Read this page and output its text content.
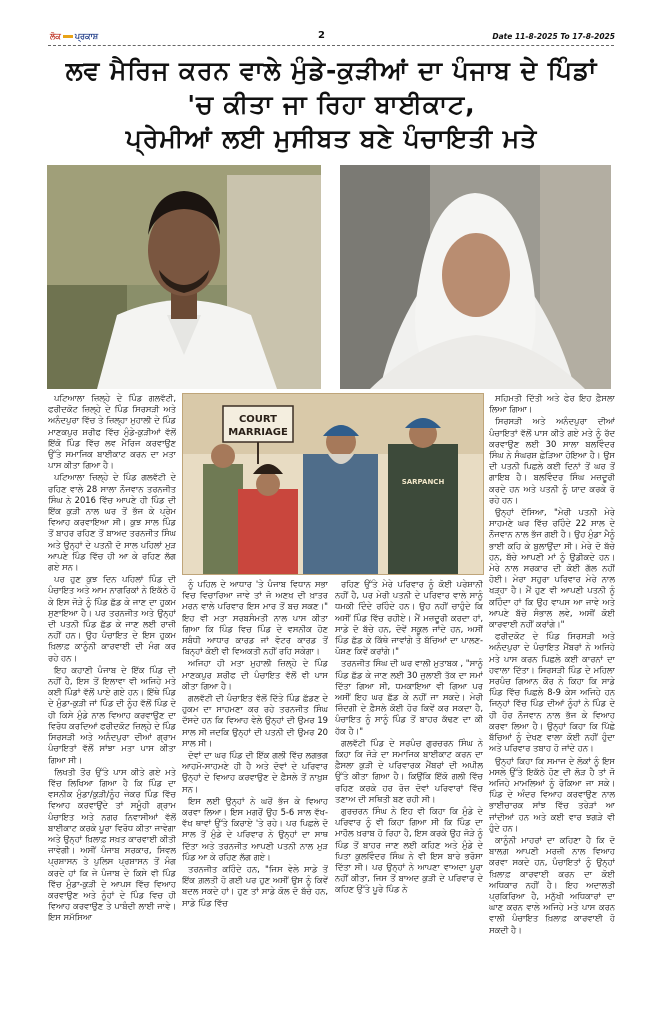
ਲੋਕ ਪ੍ਰਕਾਸ਼	2	Date 11-8-2025 To 17-8-2025
ਲਵ ਮੈਰਿਜ ਕਰਨ ਵਾਲੇ ਮੁੰਡੇ-ਕੁੜੀਆਂ ਦਾ ਪੰਜਾਬ ਦੇ ਪਿੰਡਾਂ
'ਚ ਕੀਤਾ ਜਾ ਰਿਹਾ ਬਾਈਕਾਟ,
ਪ੍ਰੇਮੀਆਂ ਲਈ ਮੁਸੀਬਤ ਬਣੇ ਪੰਚਾਇਤੀ ਮਤੇ
COURT
MARRIAGE
SARPANCH

ਪਟਿਆਲਾ ਜ਼ਿਲ੍ਹੇ ਦੇ ਪਿੰਡ ਗਲਵੱਟੀ, ਫਰੀਦਕੋਟ ਜ਼ਿਲ੍ਹੇ ਦੇ ਪਿੰਡ ਸਿਰਸੜੀ ਅਤੇ ਅਨੰਦਪੁਰਾ ਵਿੱਚ ਤੇ ਜ਼ਿਲ੍ਹਾ ਮੁਹਾਲੀ ਦੇ ਪਿੰਡ ਮਾਣਕਪੁਰ ਸ਼ਰੀਫ ਵਿੱਚ ਮੁੰਡੇ-ਕੁੜੀਆਂ ਵੱਲੋਂ ਇੱਕੋ ਪਿੰਡ ਵਿੱਚ ਲਵ ਮੈਰਿਜ ਕਰਵਾਉਣ ਉੱਤੇ ਸਮਾਜਿਕ ਬਾਈਕਾਟ ਕਰਨ ਦਾ ਮਤਾ ਪਾਸ ਕੀਤਾ ਗਿਆ ਹੈ।

ਪਟਿਆਲਾ ਜ਼ਿਲ੍ਹੇ ਦੇ ਪਿੰਡ ਗਲਵੱਟੀ ਦੇ ਰਹਿਣ ਵਾਲੇ 28 ਸਾਲਾ ਨੌਜਵਾਨ ਤਰਨਜੀਤ ਸਿੰਘ ਨੇ 2016 ਵਿੱਚ ਆਪਣੇ ਹੀ ਪਿੰਡ ਦੀ ਇੱਕ ਕੁੜੀ ਨਾਲ ਘਰ ਤੋਂ ਭੱਜ ਕੇ ਪ੍ਰੇਮ ਵਿਆਹ ਕਰਵਾਇਆ ਸੀ। ਕੁਝ ਸਾਲ ਪਿੰਡ ਤੋਂ ਬਾਹਰ ਰਹਿਣ ਤੋਂ ਬਾਅਦ ਤਰਨਜੀਤ ਸਿੰਘ ਅਤੇ ਉਨ੍ਹਾਂ ਦੇ ਪਤਨੀ ਦੋ ਸਾਲ ਪਹਿਲਾਂ ਮੁੜ ਆਪਣੇ ਪਿੰਡ ਵਿੱਚ ਹੀ ਆ ਕੇ ਰਹਿਣ ਲੱਗ ਗਏ ਸਨ।

ਪਰ ਹੁਣ ਕੁਝ ਦਿਨ ਪਹਿਲਾਂ ਪਿੰਡ ਦੀ ਪੰਚਾਇਤ ਅਤੇ ਆਮ ਨਾਗਰਿਕਾਂ ਨੇ ਇਕੱਠੇ ਹੋ ਕੇ ਇਸ ਜੋੜੇ ਨੂੰ ਪਿੰਡ ਛੱਡ ਕੇ ਜਾਣ ਦਾ ਹੁਕਮ ਸੁਣਾਇਆ ਹੈ। ਪਰ ਤਰਨਜੀਤ ਅਤੇ ਉਨ੍ਹਾਂ ਦੀ ਪਤਨੀ ਪਿੰਡ ਛੱਡ ਕੇ ਜਾਣ ਲਈ ਰਾਜ਼ੀ ਨਹੀਂ ਹਨ। ਉਹ ਪੰਚਾਇਤ ਦੇ ਇਸ ਹੁਕਮ ਖ਼ਿਲਾਫ਼ ਕਾਨੂੰਨੀ ਕਾਰਵਾਈ ਦੀ ਮੰਗ ਕਰ ਰਹੇ ਹਨ।

ਇਹ ਕਹਾਣੀ ਪੰਜਾਬ ਦੇ ਇੱਕ ਪਿੰਡ ਦੀ ਨਹੀਂ ਹੈ, ਇਸ ਤੋਂ ਇਲਾਵਾ ਵੀ ਅਜਿਹੇ ਮਤੇ ਕਈ ਪਿੰਡਾਂ ਵੱਲੋਂ ਪਾਏ ਗਏ ਹਨ। ਇੱਥੇ ਪਿੰਡ ਦੇ ਮੁੰਡਾ-ਕੁੜੀ ਜਾਂ ਪਿੰਡ ਦੀ ਨੂੰਹ ਵੱਲੋਂ ਪਿੰਡ ਦੇ ਹੀ ਕਿਸੇ ਮੁੰਡੇ ਨਾਲ ਵਿਆਹ ਕਰਵਾਉਣ ਦਾ ਵਿਰੋਧ ਕਰਦਿਆਂ ਫਰੀਦਕੋਟ ਜ਼ਿਲ੍ਹੇ ਦੇ ਪਿੰਡ ਸਿਰਸੜੀ ਅਤੇ ਅਨੰਦਪੁਰਾ ਦੀਆਂ ਗ੍ਰਾਮ ਪੰਚਾਇਤਾਂ ਵੱਲੋਂ ਸਾਂਝਾ ਮਤਾ ਪਾਸ ਕੀਤਾ ਗਿਆ ਸੀ।

ਲਿਖਤੀ ਤੌਰ ਉੱਤੇ ਪਾਸ ਕੀਤੇ ਗਏ ਮਤੇ ਵਿੱਚ ਲਿਖਿਆ ਗਿਆ ਹੈ ਕਿ ਪਿੰਡ ਦਾ ਵਸਨੀਕ ਮੁੰਡਾ/ਕੁੜੀ/ਨੂੰਹ ਜੇਕਰ ਪਿੰਡ ਵਿੱਚ ਵਿਆਹ ਕਰਵਾਉਂਦੇ ਤਾਂ ਸਮੂੰਹੀ ਗ੍ਰਾਮ ਪੰਚਾਇਤ ਅਤੇ ਨਗਰ ਨਿਵਾਸੀਆਂ ਵੱਲੋਂ ਬਾਈਕਾਟ ਕਰਕੇ ਪੂਰਾ ਵਿਰੋਧ ਕੀਤਾ ਜਾਵੇਗਾ ਅਤੇ ਉਨ੍ਹਾਂ ਖ਼ਿਲਾਫ਼ ਸਖ਼ਤ ਕਾਰਵਾਈ ਕੀਤੀ ਜਾਵੇਗੀ। ਅਸੀਂ ਪੰਜਾਬ ਸਰਕਾਰ, ਸਿਵਲ ਪ੍ਰਸ਼ਾਸਨ ਤੇ ਪੁਲਿਸ ਪ੍ਰਸ਼ਾਸਨ ਤੋਂ ਮੰਗ ਕਰਦੇ ਹਾਂ ਕਿ ਜੇ ਪੰਜਾਬ ਦੇ ਕਿਸੇ ਵੀ ਪਿੰਡ ਵਿੱਚ ਮੁੰਡਾ-ਕੁੜੀ ਦੇ ਆਪਸ ਵਿੱਚ ਵਿਆਹ ਕਰਵਾਉਣ ਅਤੇ ਨੂੰਹਾਂ ਦੇ ਪਿੰਡ ਵਿਚ ਹੀ ਵਿਆਹ ਕਰਵਾਉਣ ਤੇ ਪਾਬੰਦੀ ਲਾਈ ਜਾਵੇ। ਇਸ ਸਮੱਸਿਆ

ਨੂੰ ਪਹਿਲ ਦੇ ਆਧਾਰ 'ਤੇ ਪੰਜਾਬ ਵਿਧਾਨ ਸਭਾ ਵਿਚ ਵਿਚਾਰਿਆ ਜਾਵੇ ਤਾਂ ਜੋ ਅਣਖ ਦੀ ਖ਼ਾਤਰ ਮਰਨ ਵਾਲੇ ਪਰਿਵਾਰ ਇਸ ਮਾਰ ਤੋਂ ਬਚ ਸਕਣ।" ਇਹ ਵੀ ਮਤਾ ਸਰਬਸੰਮਤੀ ਨਾਲ ਪਾਸ ਕੀਤਾ ਗਿਆ ਕਿ ਪਿੰਡ ਵਿਚ ਪਿੰਡ ਦੇ ਵਸਨੀਕ ਹੋਣ ਸਬੰਧੀ ਆਧਾਰ ਕਾਰਡ ਜਾਂ ਵੋਟਰ ਕਾਰਡ ਤੋਂ ਬਿਨ੍ਹਾਂ ਕੋਈ ਵੀ ਵਿਅਕਤੀ ਨਹੀਂ ਰਹਿ ਸਕੇਗਾ।

ਅਜਿਹਾ ਹੀ ਮਤਾ ਮੁਹਾਲੀ ਜ਼ਿਲ੍ਹੇ ਦੇ ਪਿੰਡ ਮਾਣਕਪੁਰ ਸ਼ਰੀਫ ਦੀ ਪੰਚਾਇਤ ਵੱਲੋਂ ਵੀ ਪਾਸ ਕੀਤਾ ਗਿਆ ਹੈ।

ਗਲਵੱਟੀ ਦੀ ਪੰਚਾਇਤ ਵੱਲੋਂ ਦਿੱਤੇ ਪਿੰਡ ਛੱਡਣ ਦੇ ਹੁਕਮ ਦਾ ਸਾਹਮਣਾ ਕਰ ਰਹੇ ਤਰਨਜੀਤ ਸਿੰਘ ਦੱਸਦੇ ਹਨ ਕਿ ਵਿਆਹ ਵੇਲੇ ਉਨ੍ਹਾਂ ਦੀ ਉਮਰ 19 ਸਾਲ ਸੀ ਜਦਕਿ ਉਨ੍ਹਾਂ ਦੀ ਪਤਨੀ ਦੀ ਉਮਰ 20 ਸਾਲ ਸੀ।

ਦੋਵਾਂ ਦਾ ਘਰ ਪਿੰਡ ਦੀ ਇੱਕ ਗਲੀ ਵਿੱਚ ਲਗਭਗ ਆਹਮੋ-ਸਾਹਮਣੇ ਹੀ ਹੈ ਅਤੇ ਦੋਵਾਂ ਦੇ ਪਰਿਵਾਰ ਉਨ੍ਹਾਂ ਦੇ ਵਿਆਹ ਕਰਵਾਉਣ ਦੇ ਫ਼ੈਸਲੇ ਤੋਂ ਨਾਖ਼ੁਸ਼ ਸਨ।

ਇਸ ਲਈ ਉਨ੍ਹਾਂ ਨੇ ਘਰੋਂ ਭੱਜ ਕੇ ਵਿਆਹ ਕਰਵਾ ਲਿਆ। ਇਸ ਮਗਰੋਂ ਉਹ 5-6 ਸਾਲ ਵੱਖ-ਵੱਖ ਥਾਵਾਂ ਉੱਤੇ ਕਿਰਾਏ 'ਤੇ ਰਹੇ। ਪਰ ਪਿਛਲੇ ਦੋ ਸਾਲ ਤੋਂ ਮੁੰਡੇ ਦੇ ਪਰਿਵਾਰ ਨੇ ਉਨ੍ਹਾਂ ਦਾ ਸਾਥ ਦਿੱਤਾ ਅਤੇ ਤਰਨਜੀਤ ਆਪਣੀ ਪਤਨੀ ਨਾਲ ਮੁੜ ਪਿੰਡ ਆ ਕੇ ਰਹਿਣ ਲੱਗ ਗਏ।

ਤਰਨਜੀਤ ਕਹਿੰਦੇ ਹਨ, "ਜਿਸ ਵੇਲੇ ਸਾਡੇ ਤੋਂ ਇੱਕ ਗ਼ਲਤੀ ਹੋ ਗਈ ਪਰ ਹੁਣ ਅਸੀਂ ਉਸ ਨੂੰ ਕਿਵੇਂ ਬਦਲ ਸਕਦੇ ਹਾਂ। ਹੁਣ ਤਾਂ ਸਾਡੇ ਕੋਲ ਦੋ ਬੱਚੇ ਹਨ, ਸਾਡੇ ਪਿੰਡ ਵਿੱਚ

ਰਹਿਣ ਉੱਤੇ ਮੇਰੇ ਪਰਿਵਾਰ ਨੂੰ ਕੋਈ ਪਰੇਸ਼ਾਨੀ ਨਹੀਂ ਹੈ, ਪਰ ਮੇਰੀ ਪਤਨੀ ਦੇ ਪਰਿਵਾਰ ਵਾਲੇ ਸਾਨੂੰ ਧਮਕੀ ਦਿੰਦੇ ਰਹਿੰਦੇ ਹਨ। ਉਹ ਨਹੀਂ ਚਾਹੁੰਦੇ ਕਿ ਅਸੀਂ ਪਿੰਡ ਵਿੱਚ ਰਹੀਏ। ਮੈਂ ਮਜ਼ਦੂਰੀ ਕਰਦਾ ਹਾਂ, ਸਾਡੇ ਦੋ ਬੱਚੇ ਹਨ, ਦੋਵੇਂ ਸਕੂਲ ਜਾਂਦੇ ਹਨ, ਅਸੀਂ ਪਿੰਡ ਛੱਡ ਕੇ ਕਿੱਥੇ ਜਾਵਾਂਗੇ ਤੇ ਬੱਚਿਆਂ ਦਾ ਪਾਲਣ-ਪੋਸ਼ਣ ਕਿਵੇਂ ਕਰਾਂਗੇ।"

ਤਰਨਜੀਤ ਸਿੰਘ ਦੀ ਘਰ ਵਾਲੀ ਮੁਤਾਬਕ , "ਸਾਨੂੰ ਪਿੰਡ ਛੱਡ ਕੇ ਜਾਣ ਲਈ 30 ਜੁਲਾਈ ਤੱਕ ਦਾ ਸਮਾਂ ਦਿੱਤਾ ਗਿਆ ਸੀ, ਧਮਕਾਇਆ ਵੀ ਗਿਆ ਪਰ ਅਸੀਂ ਇਹ ਘਰ ਛੱਡ ਕੇ ਨਹੀਂ ਜਾ ਸਕਦੇ। ਮੇਰੀ ਜ਼ਿੰਦਗੀ ਦੇ ਫ਼ੈਸਲੇ ਕੋਈ ਹੋਰ ਕਿਵੇਂ ਕਰ ਸਕਦਾ ਹੈ, ਪੰਚਾਇਤ ਨੂੰ ਸਾਨੂੰ ਪਿੰਡ ਤੋਂ ਬਾਹਰ ਕੱਢਣ ਦਾ ਕੀ ਹੱਕ ਹੈ।"

ਗਲਵੱਟੀ ਪਿੰਡ ਦੇ ਸਰਪੰਚ ਗੁਰਚਰਨ ਸਿੰਘ ਨੇ ਕਿਹਾ ਕਿ ਜੋੜੇ ਦਾ ਸਮਾਜਿਕ ਬਾਈਕਾਟ ਕਰਨ ਦਾ ਫ਼ੈਸਲਾ ਕੁੜੀ ਦੇ ਪਰਿਵਾਰਕ ਮੈਂਬਰਾਂ ਦੀ ਅਪੀਲ ਉੱਤੇ ਕੀਤਾ ਗਿਆ ਹੈ। ਕਿਉਂਕਿ ਇੱਕੋ ਗਲੀ ਵਿੱਚ ਰਹਿਣ ਕਰਕੇ ਹਰ ਰੋਜ਼ ਦੋਵਾਂ ਪਰਿਵਾਰਾਂ ਵਿੱਚ ਤਣਾਅ ਦੀ ਸਥਿਤੀ ਬਣ ਰਹੀ ਸੀ।

ਗੁਰਚਰਨ ਸਿੰਘ ਨੇ ਇਹ ਵੀ ਕਿਹਾ ਕਿ ਮੁੰਡੇ ਦੇ ਪਰਿਵਾਰ ਨੂੰ ਵੀ ਕਿਹਾ ਗਿਆ ਸੀ ਕਿ ਪਿੰਡ ਦਾ ਮਾਹੌਲ ਖ਼ਰਾਬ ਹੋ ਰਿਹਾ ਹੈ, ਇਸ ਕਰਕੇ ਉਹ ਜੋੜੇ ਨੂੰ ਪਿੰਡ ਤੋਂ ਬਾਹਰ ਜਾਣ ਲਈ ਕਹਿਣ ਅਤੇ ਮੁੰਡੇ ਦੇ ਪਿਤਾ ਕੁਲਵਿੰਦਰ ਸਿੰਘ ਨੇ ਵੀ ਇਸ ਬਾਰੇ ਭਰੋਸਾ ਦਿੱਤਾ ਸੀ। ਪਰ ਉਨ੍ਹਾਂ ਨੇ ਆਪਣਾ ਵਾਅਦਾ ਪੂਰਾ ਨਹੀਂ ਕੀਤਾ, ਜਿਸ ਤੋਂ ਬਾਅਦ ਕੁੜੀ ਦੇ ਪਰਿਵਾਰ ਦੇ ਕਹਿਣ ਉੱਤੇ ਪੂਰੇ ਪਿੰਡ ਨੇ

ਸਹਿਮਤੀ ਦਿੱਤੀ ਅਤੇ ਫੇਰ ਇਹ ਫ਼ੈਸਲਾ ਲਿਆ ਗਿਆ।

ਸਿਰਸੜੀ ਅਤੇ ਅਨੰਦਪੁਰਾ ਦੀਆਂ ਪੰਚਾਇਤਾਂ ਵੱਲੋਂ ਪਾਸ ਕੀਤੇ ਗਏ ਮਤੇ ਨੂੰ ਰੱਦ ਕਰਵਾਉਣ ਲਈ 30 ਸਾਲਾ ਬਲਵਿੰਦਰ ਸਿੰਘ ਨੇ ਸੰਘਰਸ਼ ਛੇੜਿਆ ਹੋਇਆ ਹੈ। ਉਸ ਦੀ ਪਤਨੀ ਪਿਛਲੇ ਕਈ ਦਿਨਾਂ ਤੋਂ ਘਰ ਤੋਂ ਗਾਇਬ ਹੈ। ਬਲਵਿੰਦਰ ਸਿੰਘ ਮਜ਼ਦੂਰੀ ਕਰਦੇ ਹਨ ਅਤੇ ਪਤਨੀ ਨੂੰ ਯਾਦ ਕਰਕੇ ਰੋ ਰਹੇ ਹਨ।

ਉਨ੍ਹਾਂ ਦੱਸਿਆ, "ਮੇਰੀ ਪਤਨੀ ਮੇਰੇ ਸਾਹਮਣੇ ਘਰ ਵਿੱਚ ਰਹਿੰਦੇ 22 ਸਾਲ ਦੇ ਨੌਜਵਾਨ ਨਾਲ ਭੱਜ ਗਈ ਹੈ। ਉਹ ਮੁੰਡਾ ਮੈਨੂੰ ਭਾਈ ਕਹਿ ਕੇ ਬੁਲਾਉਂਦਾ ਸੀ। ਮੇਰੇ ਦੋ ਬੱਚੇ ਹਨ, ਬੱਚੇ ਆਪਣੀ ਮਾਂ ਨੂੰ ਉਡੀਕਦੇ ਹਨ। ਮੇਰੇ ਨਾਲ ਸਰਕਾਰ ਦੀ ਕੋਈ ਗੱਲ ਨਹੀਂ ਹੋਈ। ਮੇਰਾ ਸਹੁਰਾ ਪਰਿਵਾਰ ਮੇਰੇ ਨਾਲ ਖੜ੍ਹਾ ਹੈ। ਮੈਂ ਹੁਣ ਵੀ ਆਪਣੀ ਪਤਨੀ ਨੂੰ ਕਹਿੰਦਾ ਹਾਂ ਕਿ ਉਹ ਵਾਪਸ ਆ ਜਾਵੇ ਅਤੇ ਆਪਣੇ ਬੱਚੇ ਸੰਭਾਲ ਲਵੇ, ਅਸੀਂ ਕੋਈ ਕਾਰਵਾਈ ਨਹੀਂ ਕਰਾਂਗੇ।"

ਫਰੀਦਕੋਟ ਦੇ ਪਿੰਡ ਸਿਰਸੜੀ ਅਤੇ ਅਨੰਦਪੁਰਾ ਦੇ ਪੰਚਾਇਤ ਮੈਂਬਰਾਂ ਨੇ ਅਜਿਹੇ ਮਤੇ ਪਾਸ ਕਰਨ ਪਿਛਲੇ ਕਈ ਕਾਰਨਾਂ ਦਾ ਹਵਾਲਾ ਦਿੱਤਾ। ਸਿਰਸੜੀ ਪਿੰਡ ਦੇ ਮਹਿਲਾ ਸਰਪੰਚ ਗਿਆਨ ਕੌਰ ਨੇ ਕਿਹਾ ਕਿ ਸਾਡੇ ਪਿੰਡ ਵਿੱਚ ਪਿਛਲੇ 8-9 ਕੇਸ ਅਜਿਹੇ ਹਨ ਜਿਨ੍ਹਾਂ ਵਿੱਚ ਪਿੰਡ ਦੀਆਂ ਨੂੰਹਾਂ ਨੇ ਪਿੰਡ ਦੇ ਹੀ ਹੋਰ ਨੌਜਵਾਨ ਨਾਲ ਭੱਜ ਕੇ ਵਿਆਹ ਕਰਵਾ ਲਿਆ ਹੈ। ਉਨ੍ਹਾਂ ਕਿਹਾ ਕਿ ਪਿੱਛੇ ਬੱਚਿਆਂ ਨੂੰ ਦੇਖਣ ਵਾਲਾ ਕੋਈ ਨਹੀਂ ਹੁੰਦਾ ਅਤੇ ਪਰਿਵਾਰ ਤਬਾਹ ਹੋ ਜਾਂਦੇ ਹਨ।

ਉਨ੍ਹਾਂ ਕਿਹਾ ਕਿ ਸਮਾਜ ਦੇ ਲੋਕਾਂ ਨੂੰ ਇਸ ਮਸਲੇ ਉੱਤੇ ਇਕੱਠੇ ਹੋਣ ਦੀ ਲੋੜ ਹੈ ਤਾਂ ਜੋ ਅਜਿਹੇ ਮਾਮਲਿਆਂ ਨੂੰ ਰੋਕਿਆ ਜਾ ਸਕੇ। ਪਿੰਡ ਦੇ ਅੰਦਰ ਵਿਆਹ ਕਰਵਾਉਣ ਨਾਲ ਭਾਈਚਾਰਕ ਸਾਂਝ ਵਿੱਚ ਤਰੇੜਾਂ ਆ ਜਾਂਦੀਆਂ ਹਨ ਅਤੇ ਕਈ ਵਾਰ ਝਗੜੇ ਵੀ ਹੁੰਦੇ ਹਨ।

ਕਾਨੂੰਨੀ ਮਾਹਰਾਂ ਦਾ ਕਹਿਣਾ ਹੈ ਕਿ ਦੋ ਬਾਲਗ਼ ਆਪਣੀ ਮਰਜ਼ੀ ਨਾਲ ਵਿਆਹ ਕਰਵਾ ਸਕਦੇ ਹਨ, ਪੰਚਾਇਤਾਂ ਨੂੰ ਉਨ੍ਹਾਂ ਖ਼ਿਲਾਫ਼ ਕਾਰਵਾਈ ਕਰਨ ਦਾ ਕੋਈ ਅਧਿਕਾਰ ਨਹੀਂ ਹੈ। ਇਹ ਅਦਾਲਤੀ ਪ੍ਰਕਿਰਿਆ ਹੈ, ਮਨੁੱਖੀ ਅਧਿਕਾਰਾਂ ਦਾ ਘਾਣ ਕਰਨ ਵਾਲੇ ਅਜਿਹੇ ਮਤੇ ਪਾਸ ਕਰਨ ਵਾਲੀ ਪੰਚਾਇਤ ਖ਼ਿਲਾਫ਼ ਕਾਰਵਾਈ ਹੋ ਸਕਦੀ ਹੈ।
